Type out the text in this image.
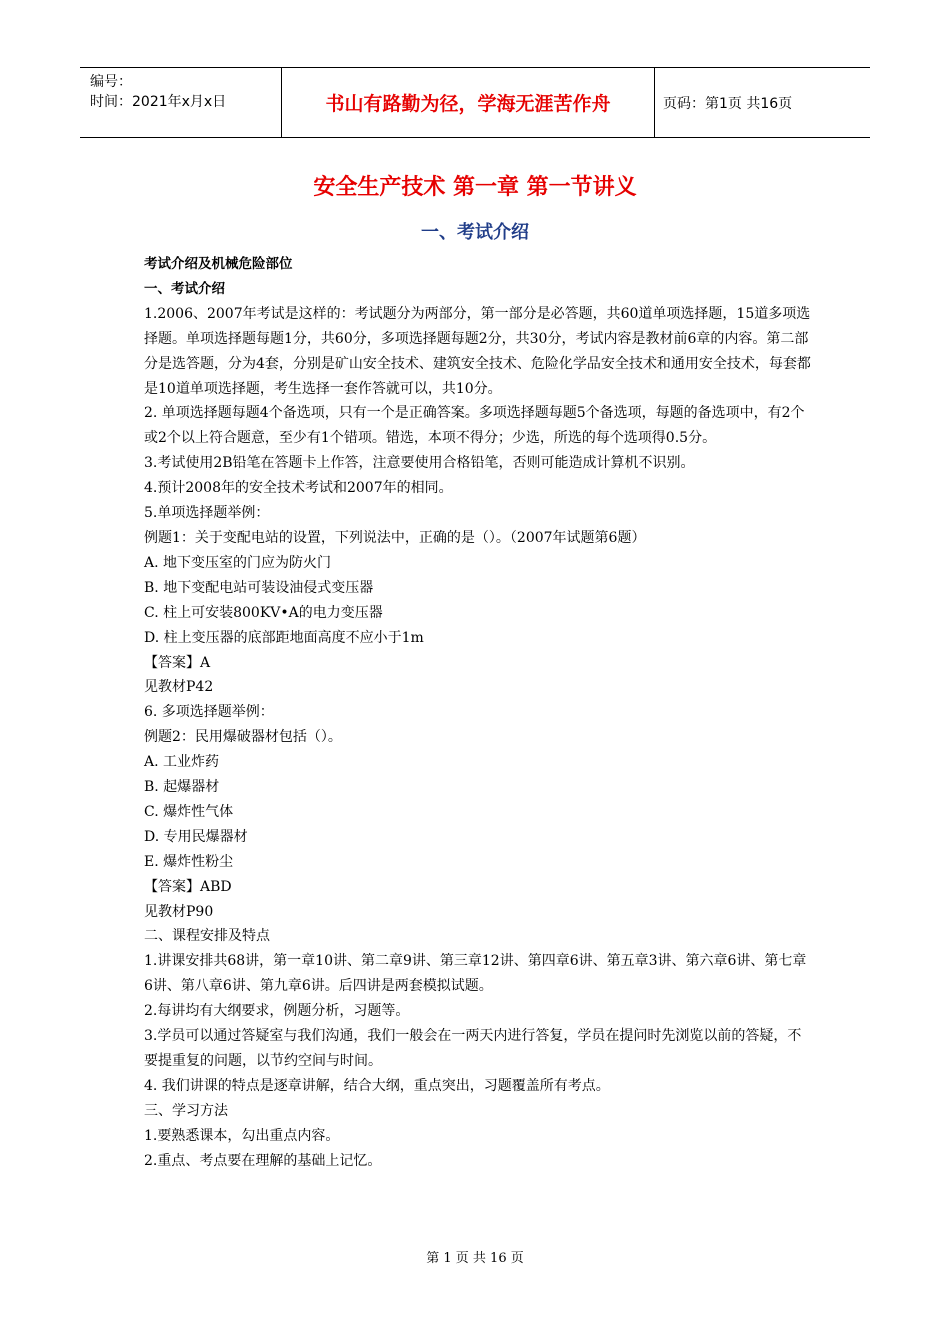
编号：
时间：2021年x月x日	书山有路勤为径，学海无涯苦作舟	页码：第1页 共16页
安全生产技术 第一章 第一节讲义
一、考试介绍

考试介绍及机械危险部位

一、考试介绍

1.2006、2007年考试是这样的：考试题分为两部分，第一部分是必答题，共60道单项选择题，15道多项选择题。单项选择题每题1分，共60分，多项选择题每题2分，共30分，考试内容是教材前6章的内容。第二部分是选答题，分为4套，分别是矿山安全技术、建筑安全技术、危险化学品安全技术和通用安全技术，每套都是10道单项选择题，考生选择一套作答就可以，共10分。

2. 单项选择题每题4个备选项，只有一个是正确答案。多项选择题每题5个备选项，每题的备选项中，有2个或2个以上符合题意，至少有1个错项。错选，本项不得分；少选，所选的每个选项得0.5分。

3.考试使用2B铅笔在答题卡上作答，注意要使用合格铅笔，否则可能造成计算机不识别。

4.预计2008年的安全技术考试和2007年的相同。

5.单项选择题举例：

例题1：关于变配电站的设置，下列说法中，正确的是（）。（2007年试题第6题）

A. 地下变压室的门应为防火门

B. 地下变配电站可装设油侵式变压器

C. 柱上可安装800KV•A的电力变压器

D. 柱上变压器的底部距地面高度不应小于1m

【答案】A

见教材P42

6. 多项选择题举例：

例题2：民用爆破器材包括（）。

A. 工业炸药

B. 起爆器材

C. 爆炸性气体

D. 专用民爆器材

E. 爆炸性粉尘

【答案】ABD

见教材P90

二、课程安排及特点

1.讲课安排共68讲，第一章10讲、第二章9讲、第三章12讲、第四章6讲、第五章3讲、第六章6讲、第七章6讲、第八章6讲、第九章6讲。后四讲是两套模拟试题。

2.每讲均有大纲要求，例题分析，习题等。

3.学员可以通过答疑室与我们沟通，我们一般会在一两天内进行答复，学员在提问时先浏览以前的答疑，不要提重复的问题，以节约空间与时间。

4. 我们讲课的特点是逐章讲解，结合大纲，重点突出，习题覆盖所有考点。

三、学习方法

1.要熟悉课本，勾出重点内容。

2.重点、考点要在理解的基础上记忆。

第 1 页 共 16 页
